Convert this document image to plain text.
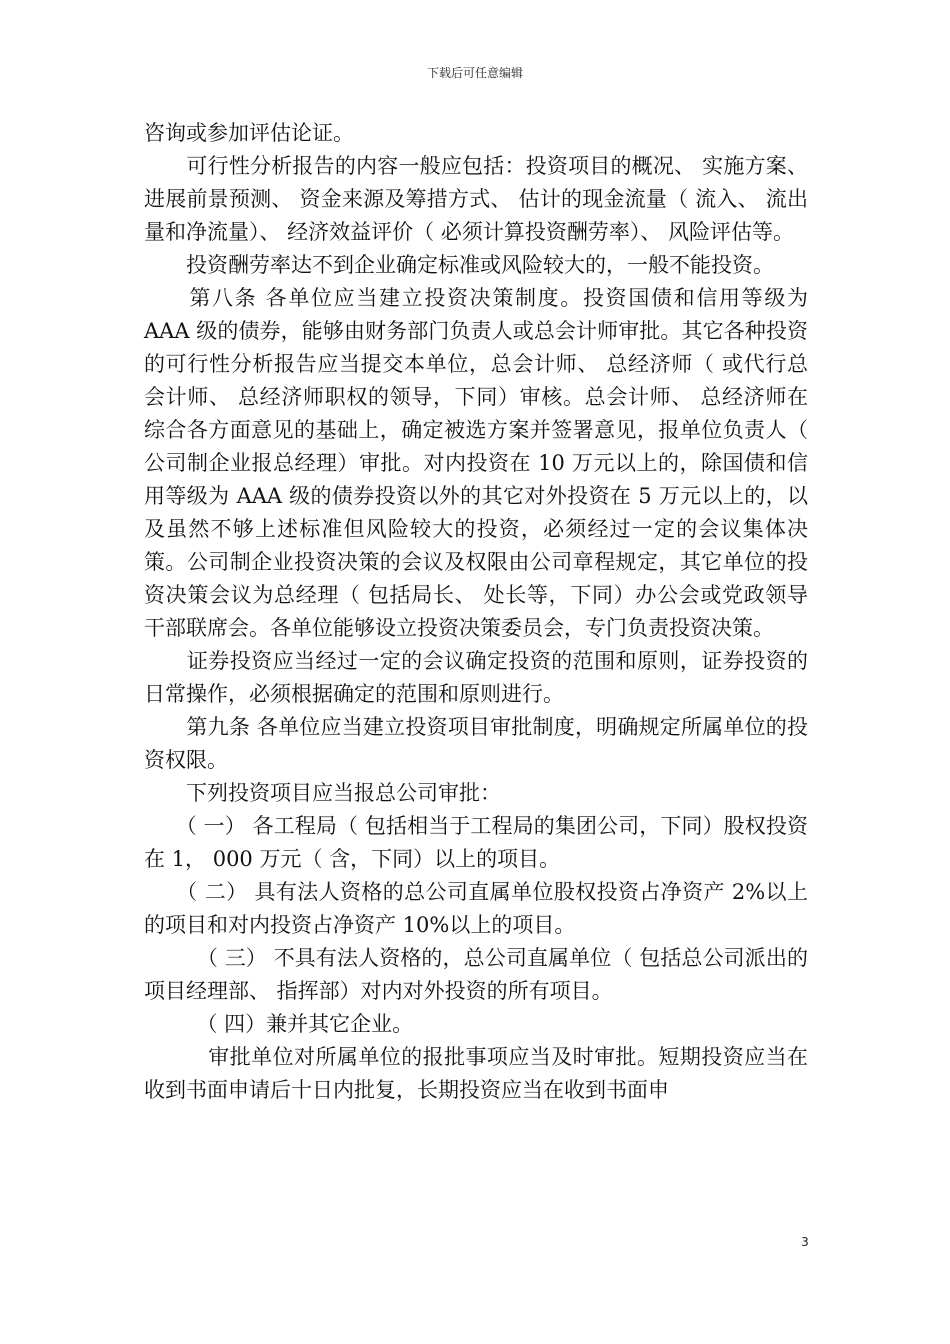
下载后可任意编辑

咨询或参加评估论证。

　　可行性分析报告的内容一般应包括：投资项目的概况、 实施方案、 进展前景预测、 资金来源及筹措方式、 估计的现金流量（ 流入、 流出量和净流量）、 经济效益评价（ 必须计算投资酬劳率）、 风险评估等。

　　投资酬劳率达不到企业确定标准或风险较大的，一般不能投资。

　　第八条 各单位应当建立投资决策制度。投资国债和信用等级为 AAA 级的债券，能够由财务部门负责人或总会计师审批。其它各种投资的可行性分析报告应当提交本单位，总会计师、 总经济师（ 或代行总会计师、 总经济师职权的领导，下同）审核。总会计师、 总经济师在综合各方面意见的基础上，确定被选方案并签署意见，报单位负责人（ 公司制企业报总经理）审批。对内投资在 10 万元以上的，除国债和信用等级为 AAA 级的债券投资以外的其它对外投资在 5 万元以上的，以及虽然不够上述标准但风险较大的投资，必须经过一定的会议集体决策。公司制企业投资决策的会议及权限由公司章程规定，其它单位的投资决策会议为总经理（ 包括局长、 处长等，下同）办公会或党政领导干部联席会。各单位能够设立投资决策委员会，专门负责投资决策。

　　证券投资应当经过一定的会议确定投资的范围和原则，证券投资的日常操作，必须根据确定的范围和原则进行。

　　第九条 各单位应当建立投资项目审批制度，明确规定所属单位的投资权限。

　　下列投资项目应当报总公司审批：

　　（ 一） 各工程局（ 包括相当于工程局的集团公司，下同）股权投资在 1， 000 万元（ 含，下同）以上的项目。

　　（ 二） 具有法人资格的总公司直属单位股权投资占净资产 2%以上的项目和对内投资占净资产 10%以上的项目。

　　　（ 三） 不具有法人资格的，总公司直属单位（ 包括总公司派出的项目经理部、 指挥部）对内对外投资的所有项目。

　　　（ 四）兼并其它企业。

　　　审批单位对所属单位的报批事项应当及时审批。短期投资应当在收到书面申请后十日内批复，长期投资应当在收到书面申

3
